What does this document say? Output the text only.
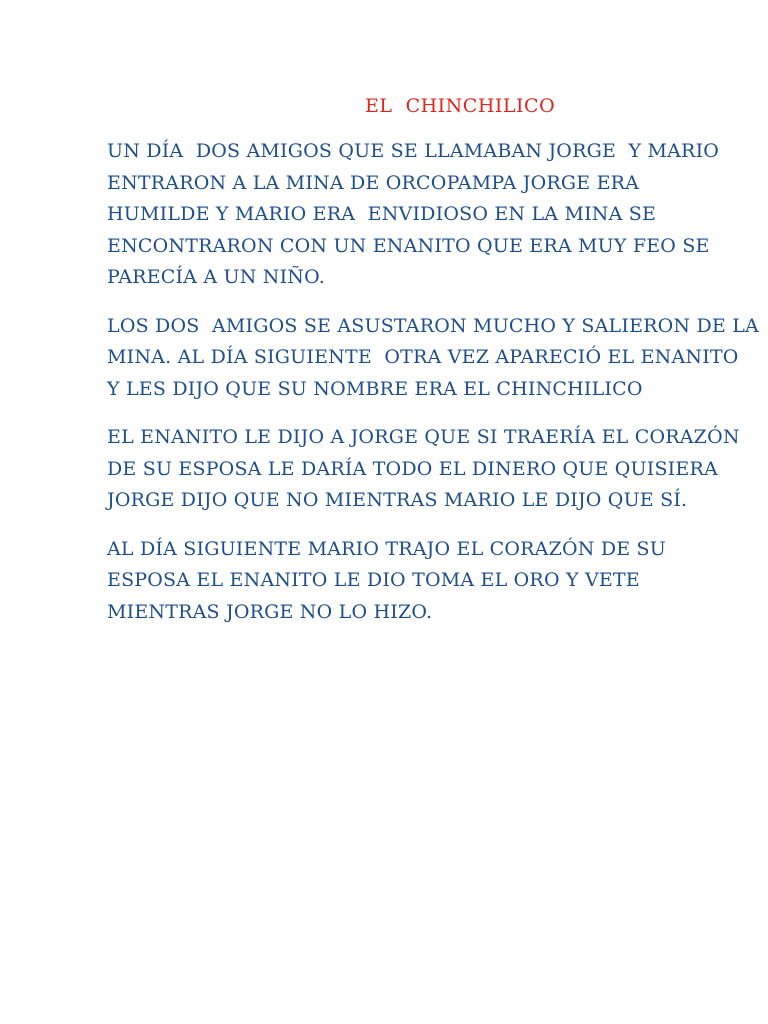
EL  CHINCHILICO

UN DÍA  DOS AMIGOS QUE SE LLAMABAN JORGE  Y MARIO
ENTRARON A LA MINA DE ORCOPAMPA JORGE ERA
HUMILDE Y MARIO ERA  ENVIDIOSO EN LA MINA SE
ENCONTRARON CON UN ENANITO QUE ERA MUY FEO SE
PARECÍA A UN NIÑO.

LOS DOS  AMIGOS SE ASUSTARON MUCHO Y SALIERON DE LA
MINA. AL DÍA SIGUIENTE  OTRA VEZ APARECIÓ EL ENANITO
Y LES DIJO QUE SU NOMBRE ERA EL CHINCHILICO

EL ENANITO LE DIJO A JORGE QUE SI TRAERÍA EL CORAZÓN
DE SU ESPOSA LE DARÍA TODO EL DINERO QUE QUISIERA
JORGE DIJO QUE NO MIENTRAS MARIO LE DIJO QUE SÍ.

AL DÍA SIGUIENTE MARIO TRAJO EL CORAZÓN DE SU
ESPOSA EL ENANITO LE DIO TOMA EL ORO Y VETE
MIENTRAS JORGE NO LO HIZO.
